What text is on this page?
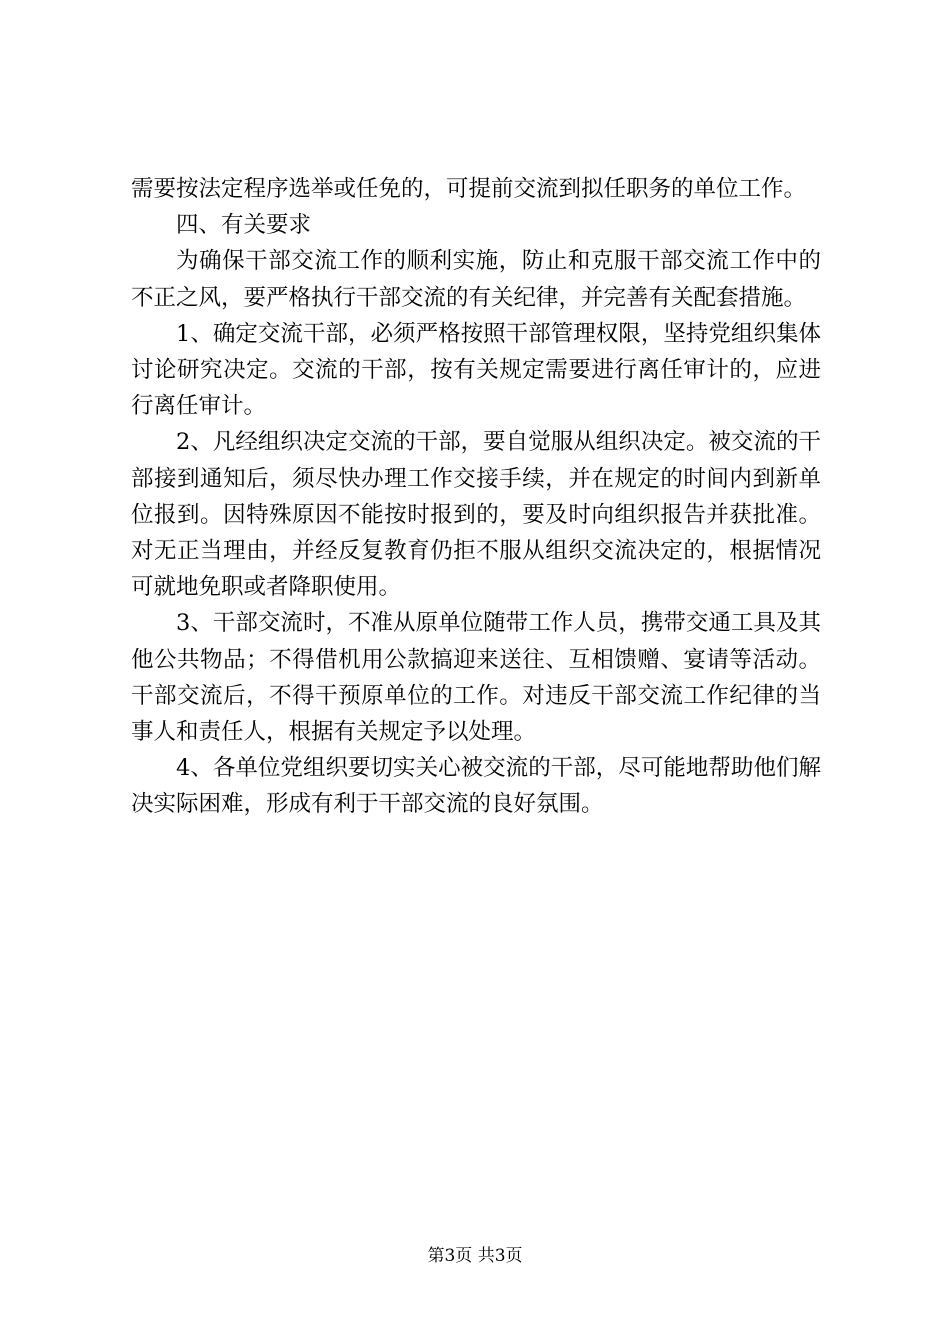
需要按法定程序选举或任免的，可提前交流到拟任职务的单位工作。

四、有关要求

为确保干部交流工作的顺利实施，防止和克服干部交流工作中的不正之风，要严格执行干部交流的有关纪律，并完善有关配套措施。

1、确定交流干部，必须严格按照干部管理权限，坚持党组织集体讨论研究决定。交流的干部，按有关规定需要进行离任审计的，应进行离任审计。

2、凡经组织决定交流的干部，要自觉服从组织决定。被交流的干部接到通知后，须尽快办理工作交接手续，并在规定的时间内到新单位报到。因特殊原因不能按时报到的，要及时向组织报告并获批准。对无正当理由，并经反复教育仍拒不服从组织交流决定的，根据情况可就地免职或者降职使用。

3、干部交流时，不准从原单位随带工作人员，携带交通工具及其他公共物品；不得借机用公款搞迎来送往、互相馈赠、宴请等活动。干部交流后，不得干预原单位的工作。对违反干部交流工作纪律的当事人和责任人，根据有关规定予以处理。

4、各单位党组织要切实关心被交流的干部，尽可能地帮助他们解决实际困难，形成有利于干部交流的良好氛围。

第3页 共3页
